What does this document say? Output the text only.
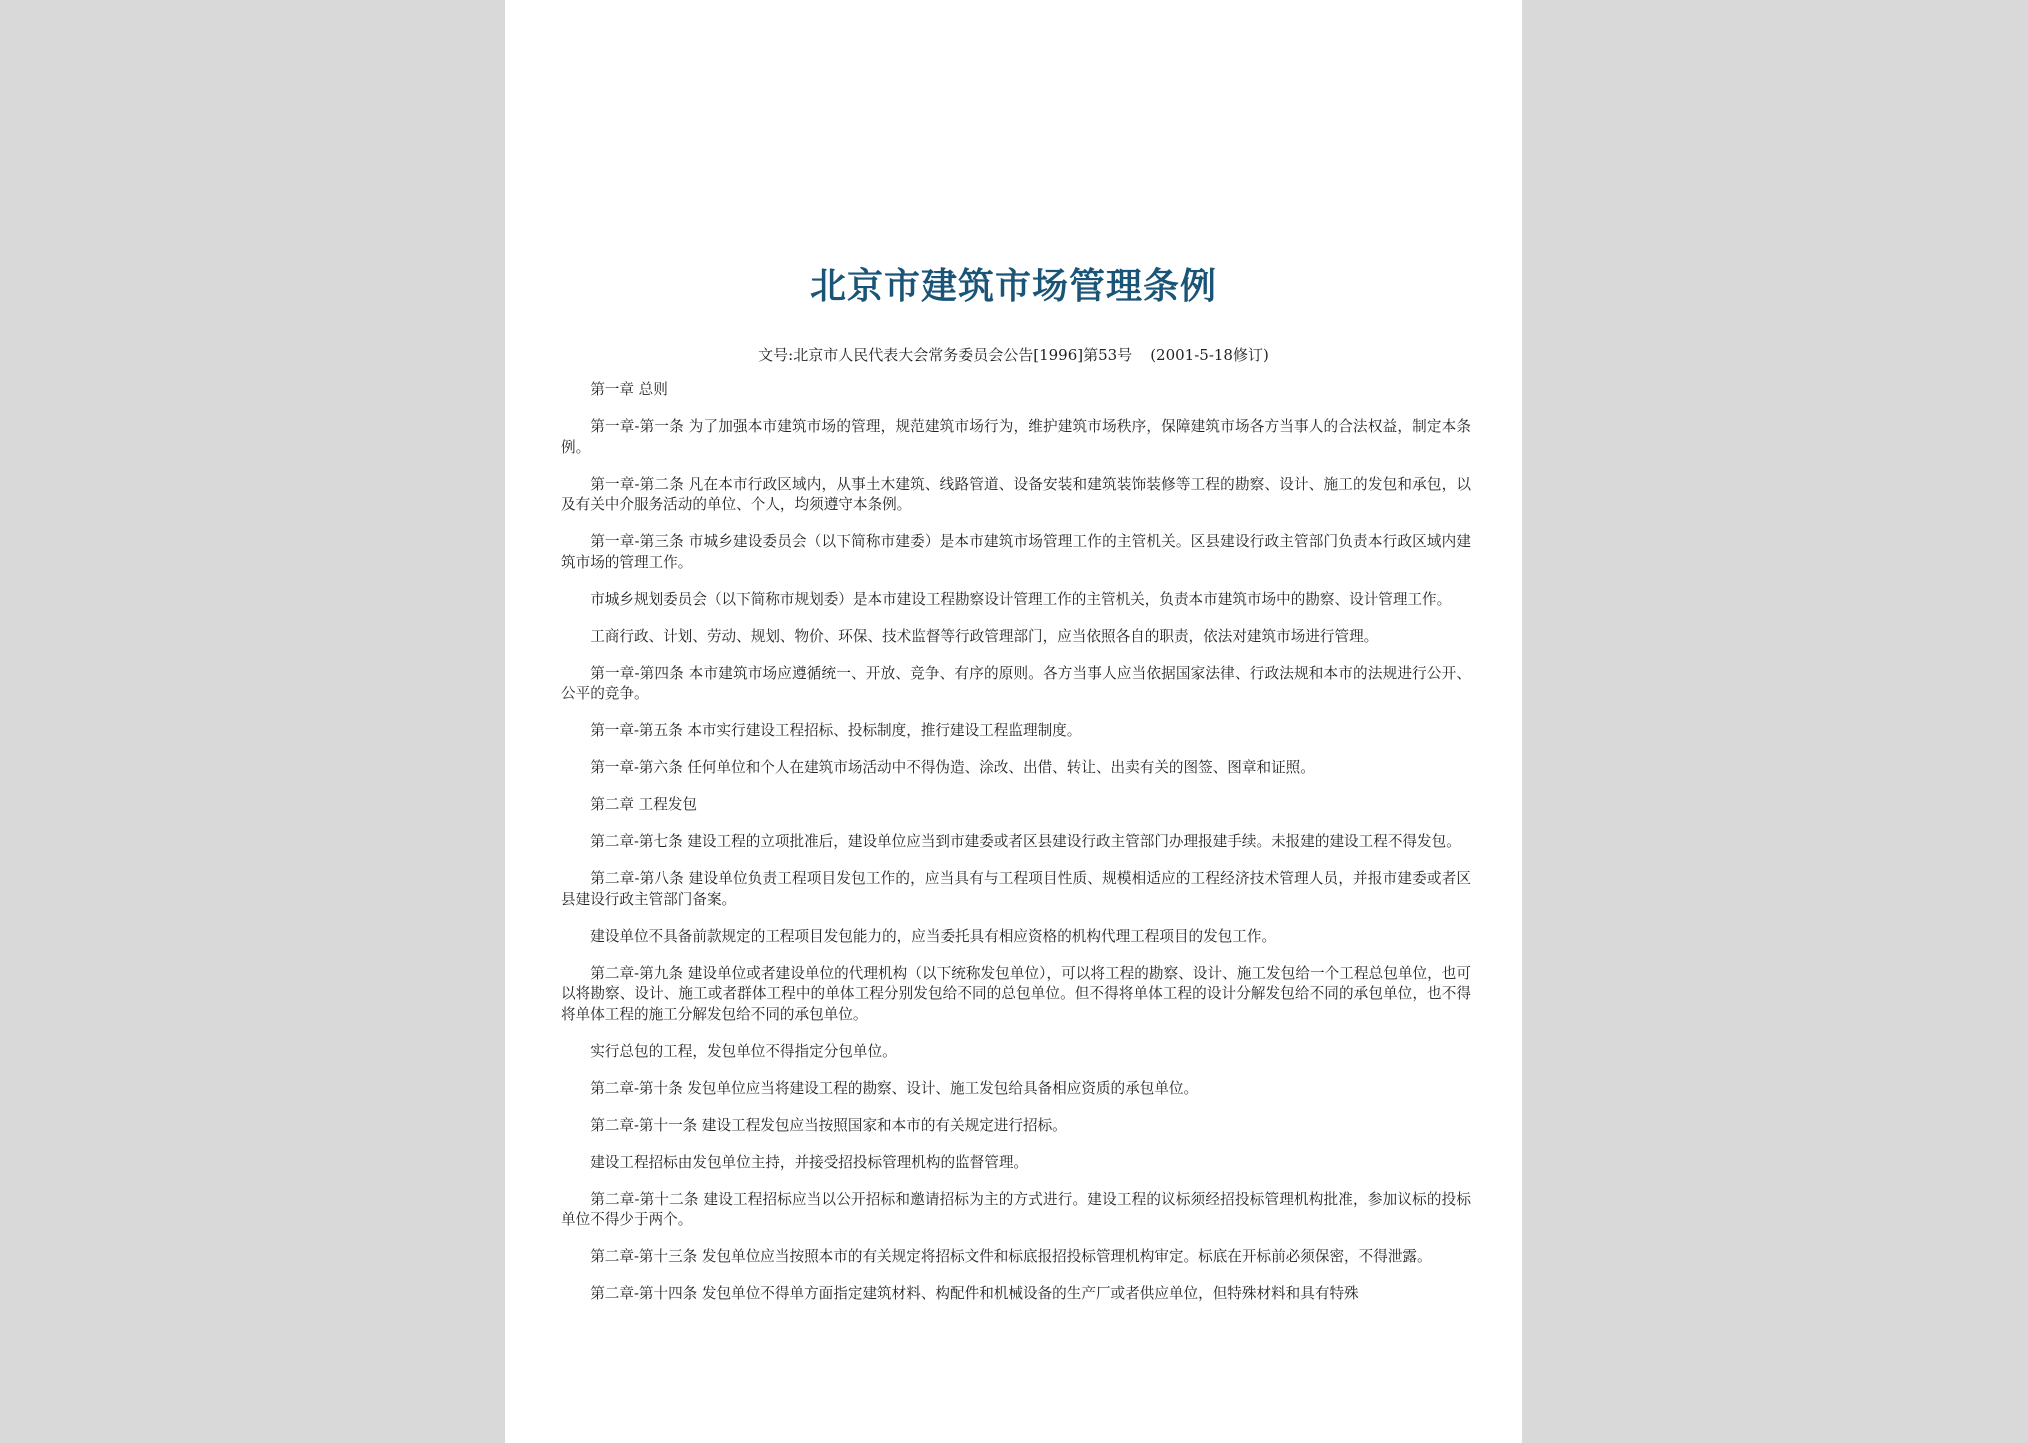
北京市建筑市场管理条例
文号:北京市人民代表大会常务委员会公告[1996]第53号 (2001-5-18修订)

第一章 总则

第一章-第一条 为了加强本市建筑市场的管理，规范建筑市场行为，维护建筑市场秩序，保障建筑市场各方当事人的合法权益，制定本条例。

第一章-第二条 凡在本市行政区域内，从事土木建筑、线路管道、设备安装和建筑装饰装修等工程的勘察、设计、施工的发包和承包，以及有关中介服务活动的单位、个人，均须遵守本条例。

第一章-第三条 市城乡建设委员会（以下简称市建委）是本市建筑市场管理工作的主管机关。区县建设行政主管部门负责本行政区域内建筑市场的管理工作。

市城乡规划委员会（以下简称市规划委）是本市建设工程勘察设计管理工作的主管机关，负责本市建筑市场中的勘察、设计管理工作。

工商行政、计划、劳动、规划、物价、环保、技术监督等行政管理部门，应当依照各自的职责，依法对建筑市场进行管理。

第一章-第四条 本市建筑市场应遵循统一、开放、竞争、有序的原则。各方当事人应当依据国家法律、行政法规和本市的法规进行公开、公平的竞争。

第一章-第五条 本市实行建设工程招标、投标制度，推行建设工程监理制度。

第一章-第六条 任何单位和个人在建筑市场活动中不得伪造、涂改、出借、转让、出卖有关的图签、图章和证照。

第二章 工程发包

第二章-第七条 建设工程的立项批准后，建设单位应当到市建委或者区县建设行政主管部门办理报建手续。未报建的建设工程不得发包。

第二章-第八条 建设单位负责工程项目发包工作的，应当具有与工程项目性质、规模相适应的工程经济技术管理人员，并报市建委或者区县建设行政主管部门备案。

建设单位不具备前款规定的工程项目发包能力的，应当委托具有相应资格的机构代理工程项目的发包工作。

第二章-第九条 建设单位或者建设单位的代理机构（以下统称发包单位），可以将工程的勘察、设计、施工发包给一个工程总包单位，也可以将勘察、设计、施工或者群体工程中的单体工程分别发包给不同的总包单位。但不得将单体工程的设计分解发包给不同的承包单位，也不得将单体工程的施工分解发包给不同的承包单位。

实行总包的工程，发包单位不得指定分包单位。

第二章-第十条 发包单位应当将建设工程的勘察、设计、施工发包给具备相应资质的承包单位。

第二章-第十一条 建设工程发包应当按照国家和本市的有关规定进行招标。

建设工程招标由发包单位主持，并接受招投标管理机构的监督管理。

第二章-第十二条 建设工程招标应当以公开招标和邀请招标为主的方式进行。建设工程的议标须经招投标管理机构批准，参加议标的投标单位不得少于两个。

第二章-第十三条 发包单位应当按照本市的有关规定将招标文件和标底报招投标管理机构审定。标底在开标前必须保密，不得泄露。

第二章-第十四条 发包单位不得单方面指定建筑材料、构配件和机械设备的生产厂或者供应单位，但特殊材料和具有特殊
